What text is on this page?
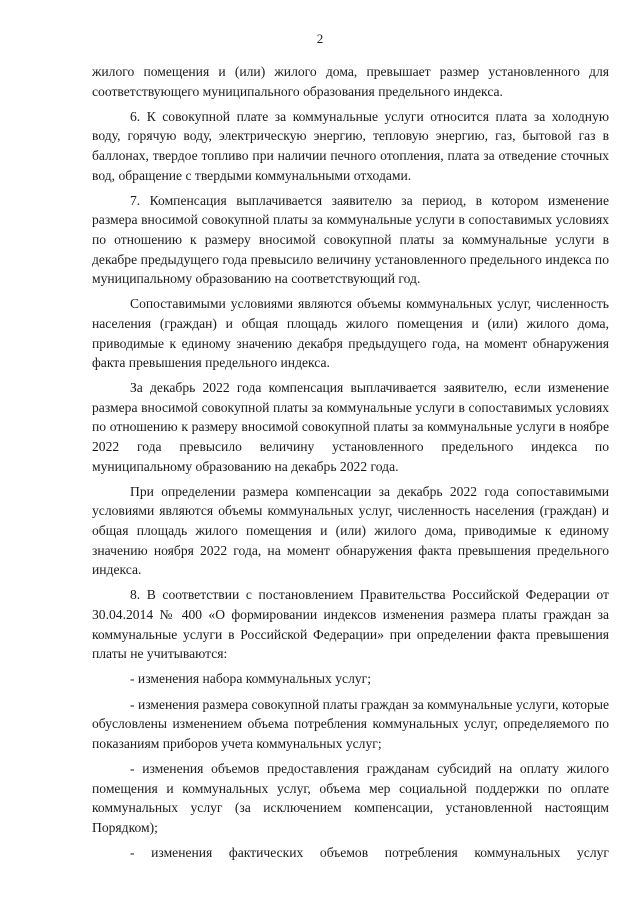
2

жилого помещения и (или) жилого дома, превышает размер установленного для соответствующего муниципального образования предельного индекса.

6. К совокупной плате за коммунальные услуги относится плата за холодную воду, горячую воду, электрическую энергию, тепловую энергию, газ, бытовой газ в баллонах, твердое топливо при наличии печного отопления, плата за отведение сточных вод, обращение с твердыми коммунальными отходами.

7. Компенсация выплачивается заявителю за период, в котором изменение размера вносимой совокупной платы за коммунальные услуги в сопоставимых условиях по отношению к размеру вносимой совокупной платы за коммунальные услуги в декабре предыдущего года превысило величину установленного предельного индекса по муниципальному образованию на соответствующий год.

Сопоставимыми условиями являются объемы коммунальных услуг, численность населения (граждан) и общая площадь жилого помещения и (или) жилого дома, приводимые к единому значению декабря предыдущего года, на момент обнаружения факта превышения предельного индекса.

За декабрь 2022 года компенсация выплачивается заявителю, если изменение размера вносимой совокупной платы за коммунальные услуги в сопоставимых условиях по отношению к размеру вносимой совокупной платы за коммунальные услуги в ноябре 2022 года превысило величину установленного предельного индекса по муниципальному образованию на декабрь 2022 года.

При определении размера компенсации за декабрь 2022 года сопоставимыми условиями являются объемы коммунальных услуг, численность населения (граждан) и общая площадь жилого помещения и (или) жилого дома, приводимые к единому значению ноября 2022 года, на момент обнаружения факта превышения предельного индекса.

8. В соответствии с постановлением Правительства Российской Федерации от 30.04.2014 № 400 «О формировании индексов изменения размера платы граждан за коммунальные услуги в Российской Федерации» при определении факта превышения платы не учитываются:

- изменения набора коммунальных услуг;

- изменения размера совокупной платы граждан за коммунальные услуги, которые обусловлены изменением объема потребления коммунальных услуг, определяемого по показаниям приборов учета коммунальных услуг;

- изменения объемов предоставления гражданам субсидий на оплату жилого помещения и коммунальных услуг, объема мер социальной поддержки по оплате коммунальных услуг (за исключением компенсации, установленной настоящим Порядком);

- изменения фактических объемов потребления коммунальных услуг
